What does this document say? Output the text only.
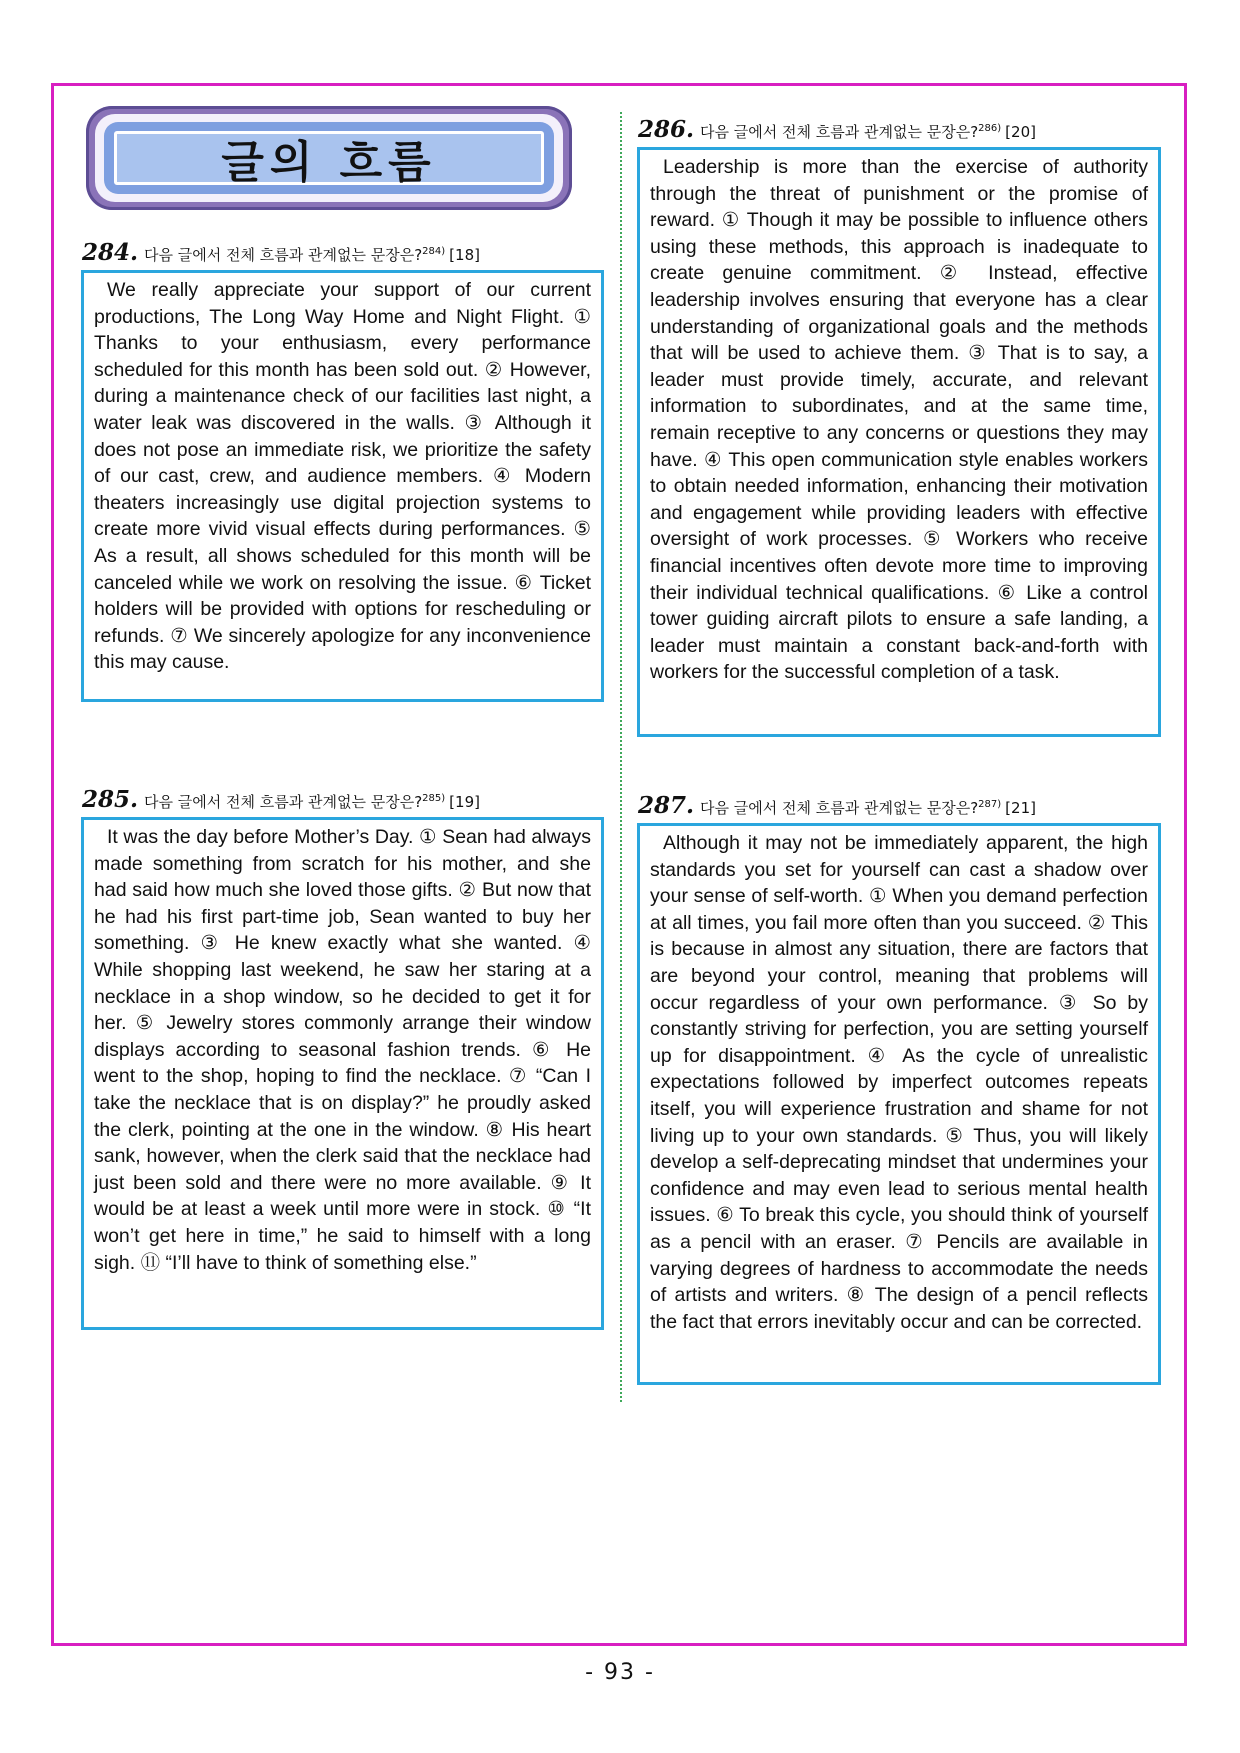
글의 흐름
284. 다음 글에서 전체 흐름과 관계없는 문장은? 284) [18]

We really appreciate your support of our current productions, The Long Way Home and Night Flight. ① Thanks to your enthusiasm, every performance scheduled for this month has been sold out. ② However, during a maintenance check of our facilities last night, a water leak was discovered in the walls. ③ Although it does not pose an immediate risk, we prioritize the safety of our cast, crew, and audience members. ④ Modern theaters increasingly use digital projection systems to create more vivid visual effects during performances. ⑤ As a result, all shows scheduled for this month will be canceled while we work on resolving the issue. ⑥ Ticket holders will be provided with options for rescheduling or refunds. ⑦ We sincerely apologize for any inconvenience this may cause.

285. 다음 글에서 전체 흐름과 관계없는 문장은? 285) [19]

It was the day before Mother’s Day. ① Sean had always made something from scratch for his mother, and she had said how much she loved those gifts. ② But now that he had his first part-time job, Sean wanted to buy her something. ③ He knew exactly what she wanted. ④ While shopping last weekend, he saw her staring at a necklace in a shop window, so he decided to get it for her. ⑤ Jewelry stores commonly arrange their window displays according to seasonal fashion trends. ⑥ He went to the shop, hoping to find the necklace. ⑦ “Can I take the necklace that is on display?” he proudly asked the clerk, pointing at the one in the window. ⑧ His heart sank, however, when the clerk said that the necklace had just been sold and there were no more available. ⑨ It would be at least a week until more were in stock. ⑩ “It won’t get here in time,” he said to himself with a long sigh. ⑪ “I’ll have to think of something else.”

286. 다음 글에서 전체 흐름과 관계없는 문장은? 286) [20]

Leadership is more than the exercise of authority through the threat of punishment or the promise of reward. ① Though it may be possible to influence others using these methods, this approach is inadequate to create genuine commitment. ② Instead, effective leadership involves ensuring that everyone has a clear understanding of organizational goals and the methods that will be used to achieve them. ③ That is to say, a leader must provide timely, accurate, and relevant information to subordinates, and at the same time, remain receptive to any concerns or questions they may have. ④ This open communication style enables workers to obtain needed information, enhancing their motivation and engagement while providing leaders with effective oversight of work processes. ⑤ Workers who receive financial incentives often devote more time to improving their individual technical qualifications. ⑥ Like a control tower guiding aircraft pilots to ensure a safe landing, a leader must maintain a constant back-and-forth with workers for the successful completion of a task.

287. 다음 글에서 전체 흐름과 관계없는 문장은? 287) [21]

Although it may not be immediately apparent, the high standards you set for yourself can cast a shadow over your sense of self-worth. ① When you demand perfection at all times, you fail more often than you succeed. ② This is because in almost any situation, there are factors that are beyond your control, meaning that problems will occur regardless of your own performance. ③ So by constantly striving for perfection, you are setting yourself up for disappointment. ④ As the cycle of unrealistic expectations followed by imperfect outcomes repeats itself, you will experience frustration and shame for not living up to your own standards. ⑤ Thus, you will likely develop a self-deprecating mindset that undermines your confidence and may even lead to serious mental health issues. ⑥ To break this cycle, you should think of yourself as a pencil with an eraser. ⑦ Pencils are available in varying degrees of hardness to accommodate the needs of artists and writers. ⑧ The design of a pencil reflects the fact that errors inevitably occur and can be corrected.

- 93 -
